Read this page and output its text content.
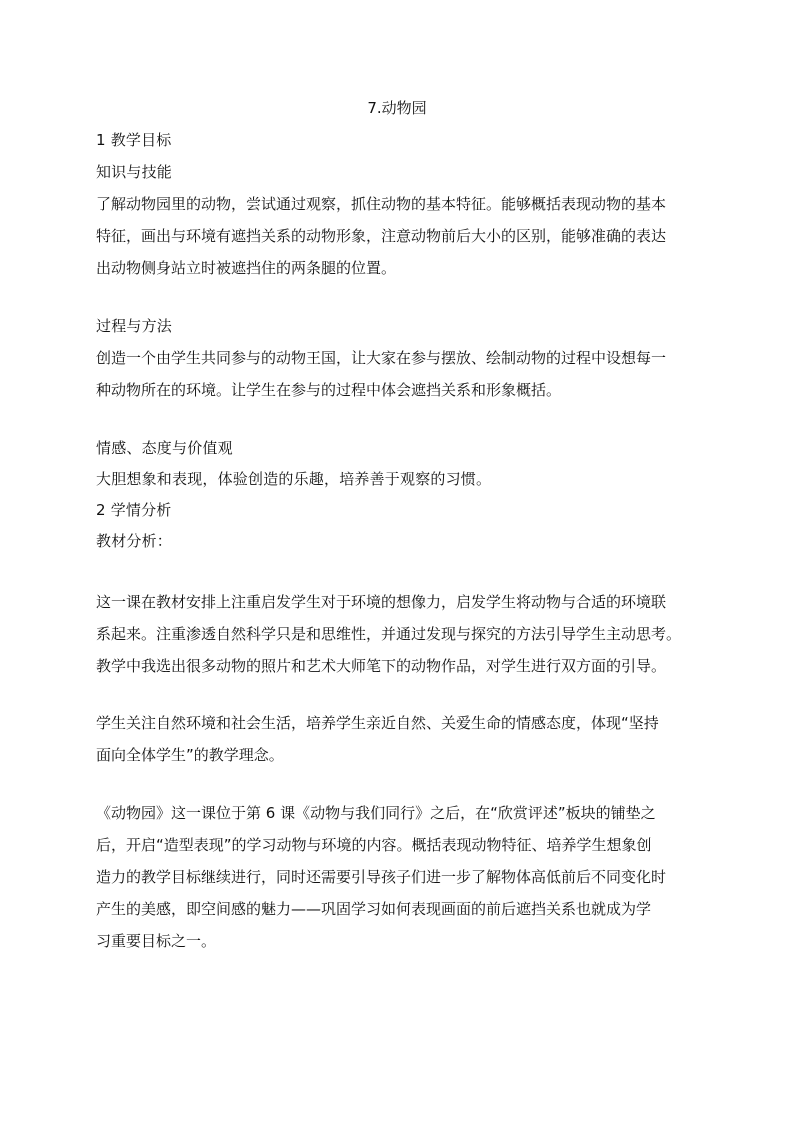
7.动物园
1 教学目标
知识与技能
了解动物园里的动物，尝试通过观察，抓住动物的基本特征。能够概括表现动物的基本
特征，画出与环境有遮挡关系的动物形象，注意动物前后大小的区别，能够准确的表达
出动物侧身站立时被遮挡住的两条腿的位置。
过程与方法
创造一个由学生共同参与的动物王国，让大家在参与摆放、绘制动物的过程中设想每一
种动物所在的环境。让学生在参与的过程中体会遮挡关系和形象概括。
情感、态度与价值观
大胆想象和表现，体验创造的乐趣，培养善于观察的习惯。
2 学情分析
教材分析：
这一课在教材安排上注重启发学生对于环境的想像力，启发学生将动物与合适的环境联
系起来。注重渗透自然科学只是和思维性，并通过发现与探究的方法引导学生主动思考。
教学中我选出很多动物的照片和艺术大师笔下的动物作品，对学生进行双方面的引导。
学生关注自然环境和社会生活，培养学生亲近自然、关爱生命的情感态度，体现“坚持
面向全体学生”的教学理念。
《动物园》这一课位于第 6 课《动物与我们同行》之后，在“欣赏评述”板块的铺垫之
后，开启“造型表现”的学习动物与环境的内容。概括表现动物特征、培养学生想象创
造力的教学目标继续进行，同时还需要引导孩子们进一步了解物体高低前后不同变化时
产生的美感，即空间感的魅力——巩固学习如何表现画面的前后遮挡关系也就成为学
习重要目标之一。
